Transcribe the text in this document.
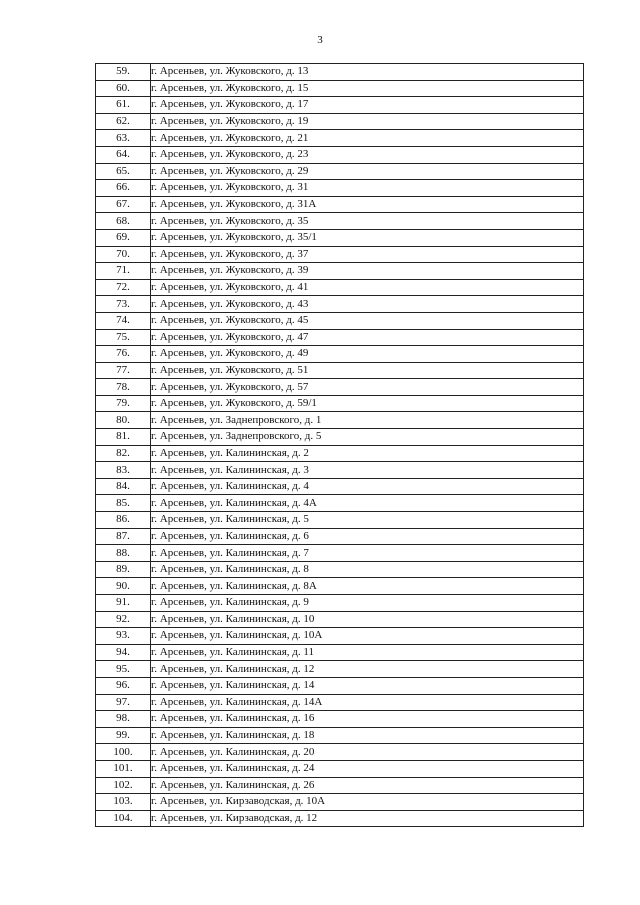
3
59.	г. Арсеньев, ул. Жуковского, д. 13
60.	г. Арсеньев, ул. Жуковского, д. 15
61.	г. Арсеньев, ул. Жуковского, д. 17
62.	г. Арсеньев, ул. Жуковского, д. 19
63.	г. Арсеньев, ул. Жуковского, д. 21
64.	г. Арсеньев, ул. Жуковского, д. 23
65.	г. Арсеньев, ул. Жуковского, д. 29
66.	г. Арсеньев, ул. Жуковского, д. 31
67.	г. Арсеньев, ул. Жуковского, д. 31А
68.	г. Арсеньев, ул. Жуковского, д. 35
69.	г. Арсеньев, ул. Жуковского, д. 35/1
70.	г. Арсеньев, ул. Жуковского, д. 37
71.	г. Арсеньев, ул. Жуковского, д. 39
72.	г. Арсеньев, ул. Жуковского, д. 41
73.	г. Арсеньев, ул. Жуковского, д. 43
74.	г. Арсеньев, ул. Жуковского, д. 45
75.	г. Арсеньев, ул. Жуковского, д. 47
76.	г. Арсеньев, ул. Жуковского, д. 49
77.	г. Арсеньев, ул. Жуковского, д. 51
78.	г. Арсеньев, ул. Жуковского, д. 57
79.	г. Арсеньев, ул. Жуковского, д. 59/1
80.	г. Арсеньев, ул. Заднепровского, д. 1
81.	г. Арсеньев, ул. Заднепровского, д. 5
82.	г. Арсеньев, ул. Калининская, д. 2
83.	г. Арсеньев, ул. Калининская, д. 3
84.	г. Арсеньев, ул. Калининская, д. 4
85.	г. Арсеньев, ул. Калининская, д. 4А
86.	г. Арсеньев, ул. Калининская, д. 5
87.	г. Арсеньев, ул. Калининская, д. 6
88.	г. Арсеньев, ул. Калининская, д. 7
89.	г. Арсеньев, ул. Калининская, д. 8
90.	г. Арсеньев, ул. Калининская, д. 8А
91.	г. Арсеньев, ул. Калининская, д. 9
92.	г. Арсеньев, ул. Калининская, д. 10
93.	г. Арсеньев, ул. Калининская, д. 10А
94.	г. Арсеньев, ул. Калининская, д. 11
95.	г. Арсеньев, ул. Калининская, д. 12
96.	г. Арсеньев, ул. Калининская, д. 14
97.	г. Арсеньев, ул. Калининская, д. 14А
98.	г. Арсеньев, ул. Калининская, д. 16
99.	г. Арсеньев, ул. Калининская, д. 18
100.	г. Арсеньев, ул. Калининская, д. 20
101.	г. Арсеньев, ул. Калининская, д. 24
102.	г. Арсеньев, ул. Калининская, д. 26
103.	г. Арсеньев, ул. Кирзаводская, д. 10А
104.	г. Арсеньев, ул. Кирзаводская, д. 12
